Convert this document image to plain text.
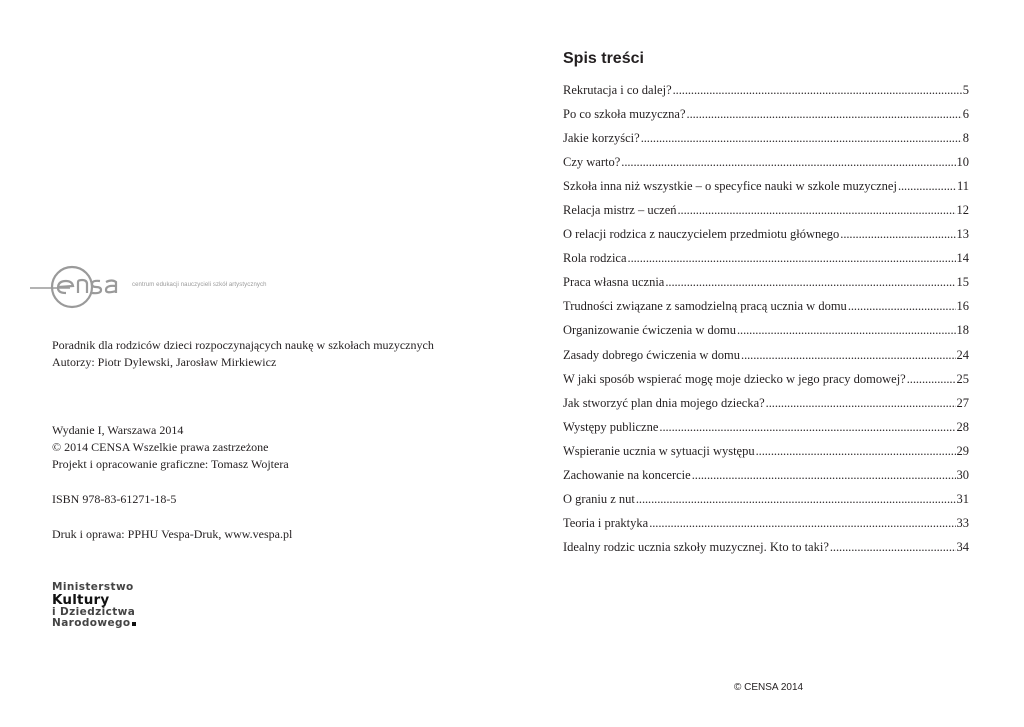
centrum edukacji nauczycieli szkół artystycznych
Poradnik dla rodziców dzieci rozpoczynających naukę w szkołach muzycznych
Autorzy: Piotr Dylewski, Jarosław Mirkiewicz
Wydanie I, Warszawa 2014
© 2014 CENSA Wszelkie prawa zastrzeżone
Projekt i opracowanie graficzne: Tomasz Wojtera
ISBN 978-83-61271-18-5
Druk i oprawa: PPHU Vespa-Druk, www.vespa.pl
Ministerstwo
Kultury
i Dziedzictwa
Narodowego
Spis treści
Rekrutacja i co dalej? . . .	5
Po co szkoła muzyczna? . . .	6
Jakie korzyści? . . .	8
Czy warto? . . .	10
Szkoła inna niż wszystkie – o specyfice nauki w szkole muzycznej . . .	11
Relacja mistrz – uczeń . . .	12
O relacji rodzica z nauczycielem przedmiotu głównego . . .	13
Rola rodzica . . .	14
Praca własna ucznia . . .	15
Trudności związane z samodzielną pracą ucznia w domu . . .	16
Organizowanie ćwiczenia w domu . . .	18
Zasady dobrego ćwiczenia w domu . . .	24
W jaki sposób wspierać mogę moje dziecko w jego pracy domowej? . . .	25
Jak stworzyć plan dnia mojego dziecka? . . .	27
Występy publiczne . . .	28
Wspieranie ucznia w sytuacji występu . . .	29
Zachowanie na koncercie . . .	30
O graniu z nut . . .	31
Teoria i praktyka . . .	33
Idealny rodzic ucznia szkoły muzycznej. Kto to taki? . . .	34
© CENSA 2014
